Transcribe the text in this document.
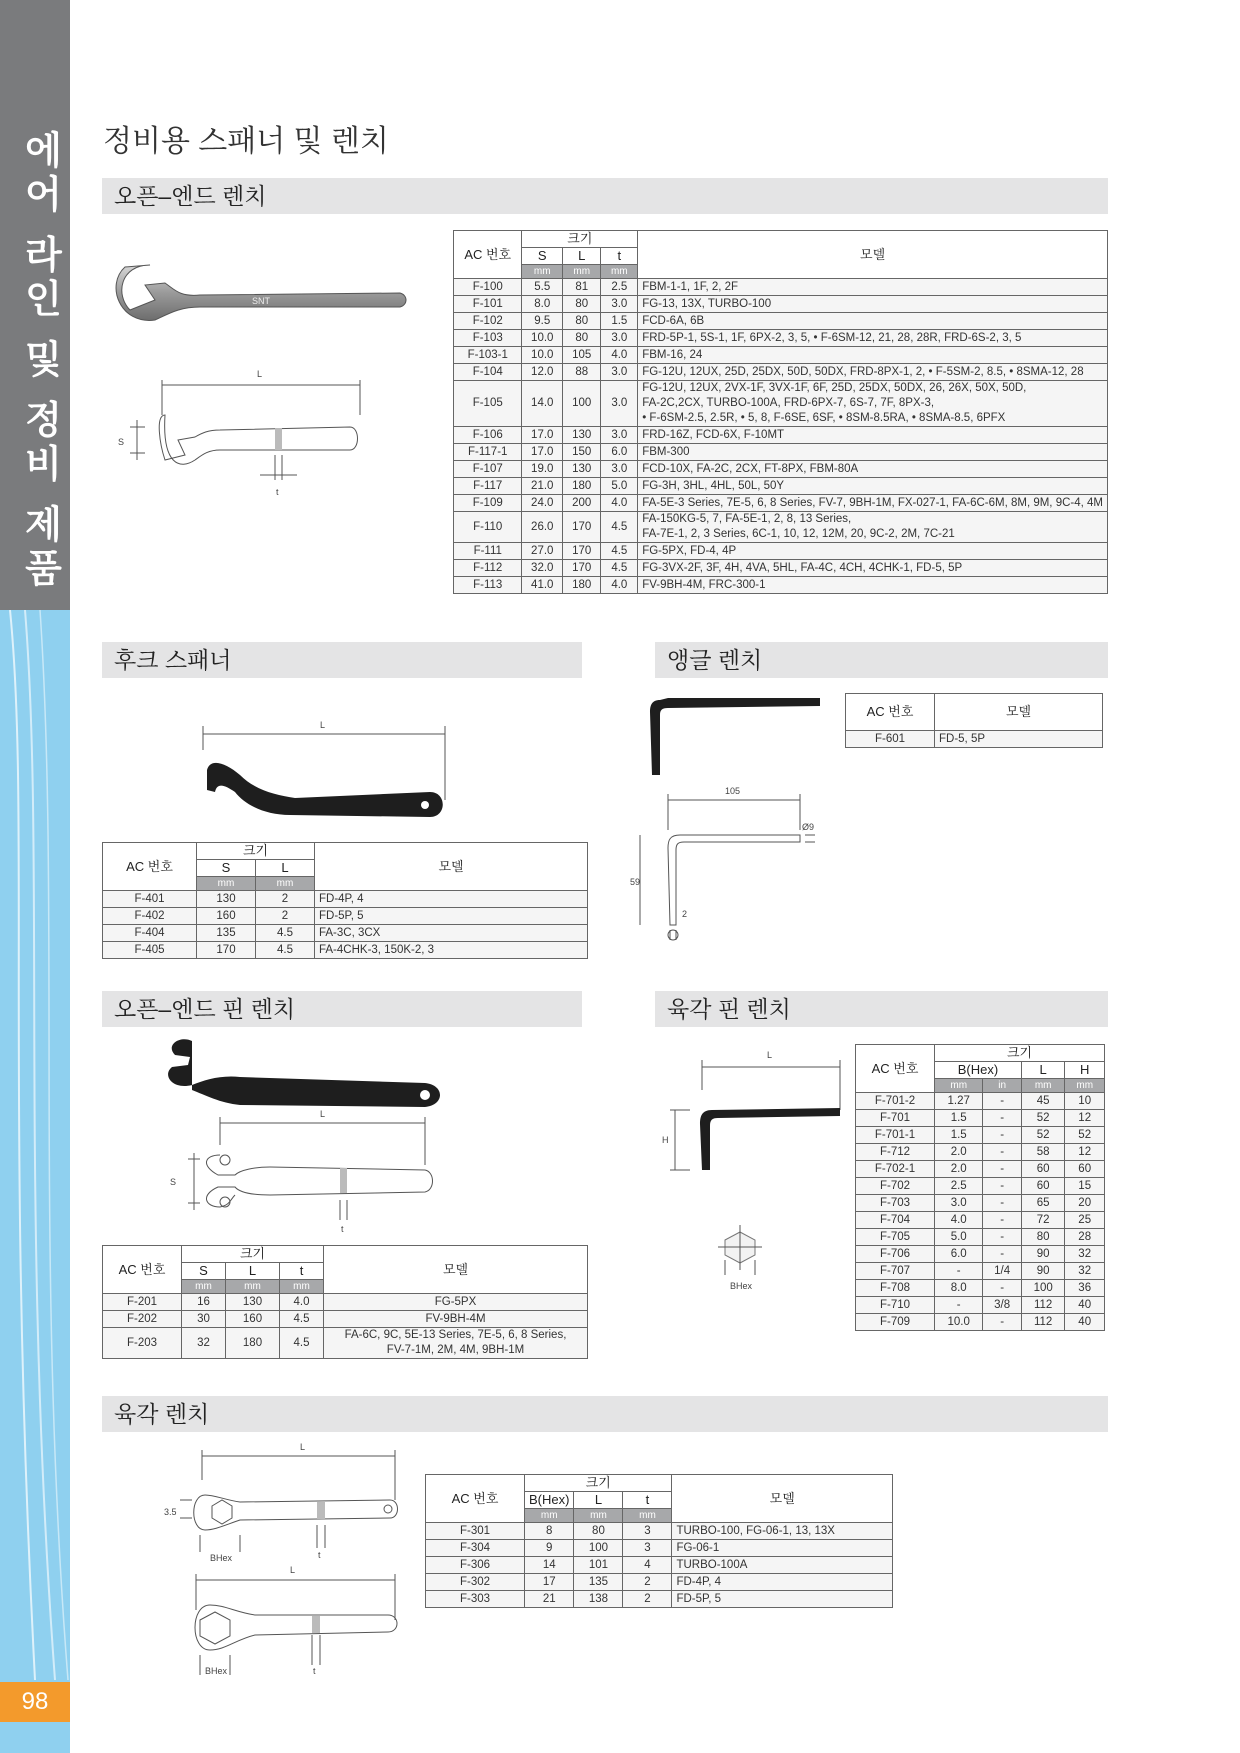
에어 라인 및 정비 제품
98
정비용 스패너 및 렌치
오픈–엔드 렌치
후크 스패너	앵글 렌치
오픈–엔드 핀 렌치	육각 핀 렌치
육각 렌치
SNT
L
S
t
AC 번호	크기			모델
	S	L	t	
	mm	mm	mm	
F-100	5.5	81	2.5	FBM-1-1, 1F, 2, 2F
F-101	8.0	80	3.0	FG-13, 13X, TURBO-100
F-102	9.5	80	1.5	FCD-6A, 6B
F-103	10.0	80	3.0	FRD-5P-1, 5S-1, 1F, 6PX-2, 3, 5, • F-6SM-12, 21, 28, 28R, FRD-6S-2, 3, 5
F-103-1	10.0	105	4.0	FBM-16, 24
F-104	12.0	88	3.0	FG-12U, 12UX, 25D, 25DX, 50D, 50DX, FRD-8PX-1, 2, • F-5SM-2, 8.5, • 8SMA-12, 28
F-105	14.0	100	3.0	FG-12U, 12UX, 2VX-1F, 3VX-1F, 6F, 25D, 25DX, 50DX, 26, 26X, 50X, 50D,
FA-2C,2CX, TURBO-100A, FRD-6PX-7, 6S-7, 7F, 8PX-3,
• F-6SM-2.5, 2.5R, • 5, 8, F-6SE, 6SF, • 8SM-8.5RA, • 8SMA-8.5, 6PFX
F-106	17.0	130	3.0	FRD-16Z, FCD-6X, F-10MT
F-117-1	17.0	150	6.0	FBM-300
F-107	19.0	130	3.0	FCD-10X, FA-2C, 2CX, FT-8PX, FBM-80A
F-117	21.0	180	5.0	FG-3H, 3HL, 4HL, 50L, 50Y
F-109	24.0	200	4.0	FA-5E-3 Series, 7E-5, 6, 8 Series, FV-7, 9BH-1M, FX-027-1, FA-6C-6M, 8M, 9M, 9C-4, 4M
F-110	26.0	170	4.5	FA-150KG-5, 7, FA-5E-1, 2, 8, 13 Series,
FA-7E-1, 2, 3 Series, 6C-1, 10, 12, 12M, 20, 9C-2, 2M, 7C-21
F-111	27.0	170	4.5	FG-5PX, FD-4, 4P
F-112	32.0	170	4.5	FG-3VX-2F, 3F, 4H, 4VA, 5HL, FA-4C, 4CH, 4CHK-1, FD-5, 5P
F-113	41.0	180	4.0	FV-9BH-4M, FRC-300-1
L
AC 번호	크기		모델
	S	L	
	mm	mm	
F-401	130	2	FD-4P, 4
F-402	160	2	FD-5P, 5
F-404	135	4.5	FA-3C, 3CX
F-405	170	4.5	FA-4CHK-3, 150K-2, 3
105
59
2
Ø9
AC 번호	모델
F-601	FD-5, 5P
L
S
t
AC 번호	크기			모델
	S	L	t	
	mm	mm	mm	
F-201	16	130	4.0	FG-5PX
F-202	30	160	4.5	FV-9BH-4M
F-203	32	180	4.5	FA-6C, 9C, 5E-13 Series, 7E-5, 6, 8 Series,
FV-7-1M, 2M, 4M, 9BH-1M
L
H
BHex
AC 번호	크기			
	B(Hex)		L	H
	mm	in	mm	mm
F-701-2	1.27	-	45	10
F-701	1.5	-	52	12
F-701-1	1.5	-	52	52
F-712	2.0	-	58	12
F-702-1	2.0	-	60	60
F-702	2.5	-	60	15
F-703	3.0	-	65	20
F-704	4.0	-	72	25
F-705	5.0	-	80	28
F-706	6.0	-	90	32
F-707	-	1/4	90	32
F-708	8.0	-	100	36
F-710	-	3/8	112	40
F-709	10.0	-	112	40
L
3.5
BHex	t
L
BHex	t
AC 번호	크기			모델
	B(Hex)	L	t	
	mm	mm	mm	
F-301	8	80	3	TURBO-100, FG-06-1, 13, 13X
F-304	9	100	3	FG-06-1
F-306	14	101	4	TURBO-100A
F-302	17	135	2	FD-4P, 4
F-303	21	138	2	FD-5P, 5
